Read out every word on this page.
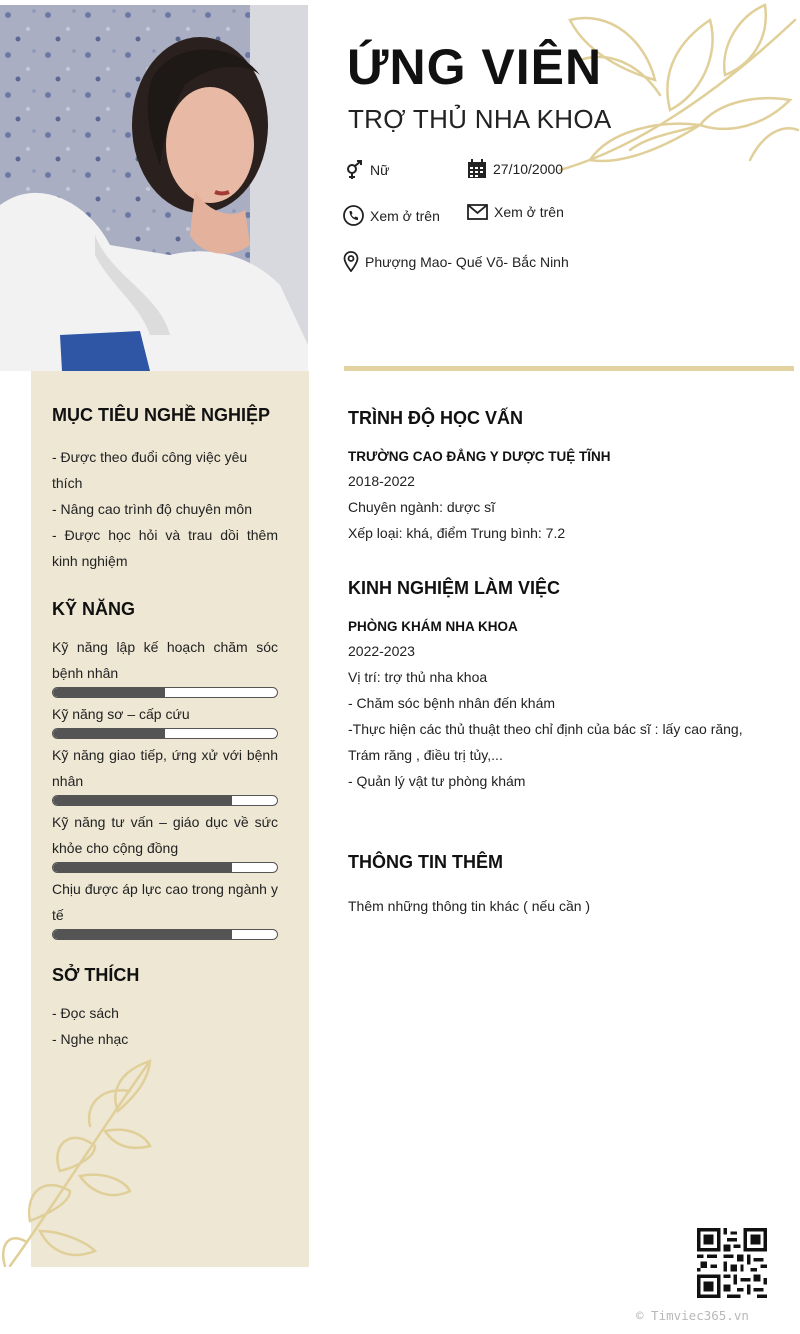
ỨNG VIÊN
TRỢ THỦ NHA KHOA
Nữ	27/10/2000
Xem ở trên	Xem ở trên
Phượng Mao- Quế Võ- Bắc Ninh
MỤC TIÊU NGHỀ NGHIỆP
- Được theo đuổi công việc yêu thích
- Nâng cao trình độ chuyên môn
- Được học hỏi và trau dồi thêm kinh nghiệm
KỸ NĂNG
Kỹ năng lập kế hoạch chăm sóc bệnh nhân
Kỹ năng sơ – cấp cứu
Kỹ năng giao tiếp, ứng xử với bệnh nhân
Kỹ năng tư vấn – giáo dục về sức khỏe cho cộng đồng
Chịu được áp lực cao trong ngành y tế
SỞ THÍCH
- Đọc sách
- Nghe nhạc
TRÌNH ĐỘ HỌC VẤN
TRƯỜNG CAO ĐẲNG Y DƯỢC TUỆ TĨNH
2018-2022
Chuyên ngành: dược sĩ
Xếp loại: khá, điểm Trung bình: 7.2
KINH NGHIỆM LÀM VIỆC
PHÒNG KHÁM NHA KHOA
2022-2023
Vị trí: trợ thủ nha khoa
- Chăm sóc bệnh nhân đến khám
-Thực hiện các thủ thuật theo chỉ định của bác sĩ : lấy cao răng, Trám răng , điều trị tủy,...
- Quản lý vật tư phòng khám
THÔNG TIN THÊM
Thêm những thông tin khác ( nếu cần )
© Timviec365.vn
